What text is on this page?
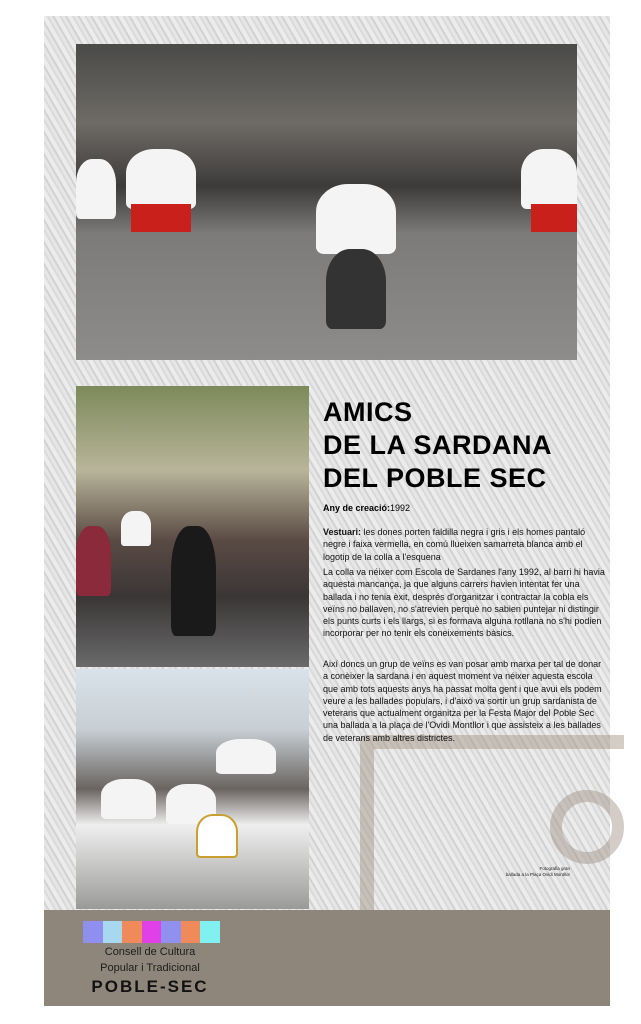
AMICS
DE LA SARDANA
DEL POBLE SEC
Any de creació:1992

Vestuari: les dones porten faldilla negra i gris i els homes pantaló negre i faixa vermella, en comú llueixen samarreta blanca amb el logotip de la colla a l'esquena

La colla va néixer com Escola de Sardanes l'any 1992, al barri hi havia aquesta mancança, ja que alguns carrers havien intentat fer una ballada i no tenia èxit, després d'organitzar i contractar la cobla els veïns no ballaven, no s'atrevien perquè no sabien puntejar ni distingir els punts curts i els llargs, si es formava alguna rotllana no s'hi podien incorporar per no tenir els coneixements bàsics.

Així doncs un grup de veïns es van posar amb marxa per tal de donar a conèixer la sardana i en aquest moment va néixer aquesta escola que amb tots aquests anys ha passat molta gent i que avui els podem veure a les ballades populars, i d'això va sortir un grup sardanista de veterans que actualment organitza per la Festa Major del Poble Sec una ballada a la plaça de l'Ovidi Montllor i que assisteix a les ballades de veterans amb altres districtes.

Fotografia gran
ballada a la Plaça Ovidi Montllor
Consell de Cultura
Popular i Tradicional
POBLE-SEC
